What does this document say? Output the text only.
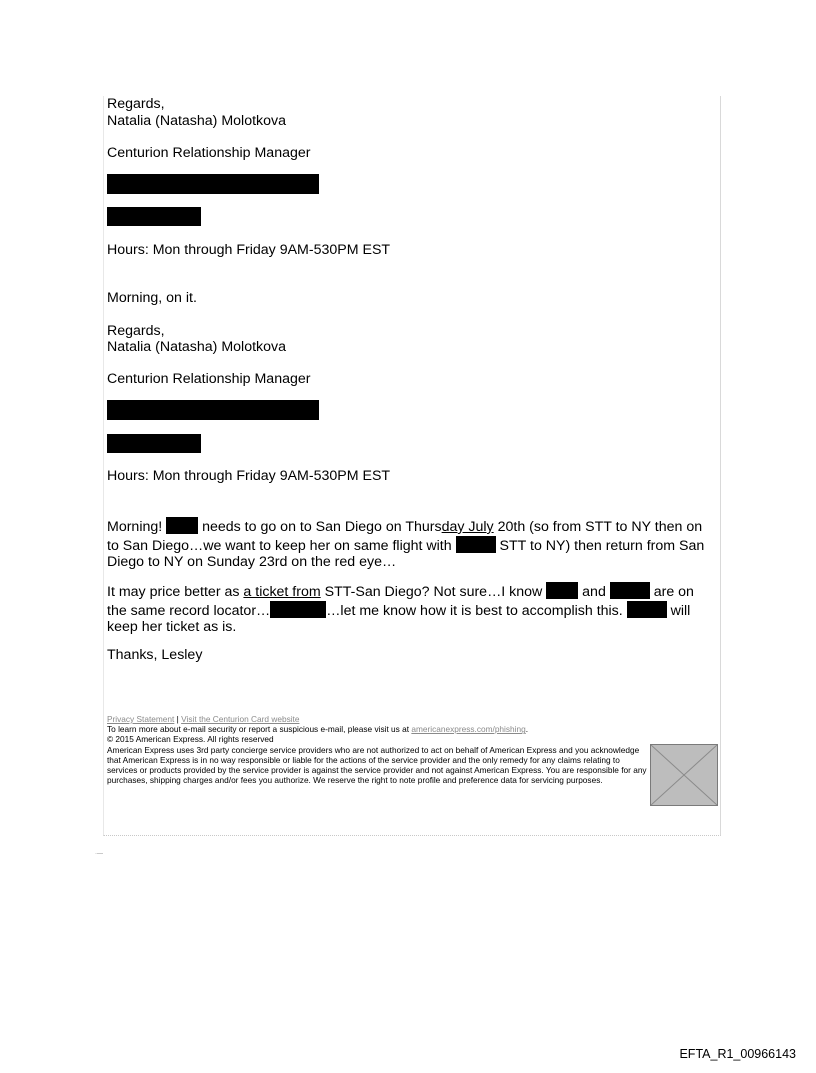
Regards,
Natalia (Natasha) Molotkova
Centurion Relationship Manager
Hours: Mon through Friday 9AM-530PM EST
Morning, on it.
Regards,
Natalia (Natasha) Molotkova
Centurion Relationship Manager
Hours: Mon through Friday 9AM-530PM EST
Morning!  needs to go on to San Diego on Thursday July 20th (so from STT to NY then on to San Diego…we want to keep her on same flight with	STT to NY) then return from San Diego to NY on Sunday 23rd on the red eye…
It may price better as a ticket from STT-San Diego? Not sure…I know  and	are on the same record locator…	…let me know how it is best to accomplish this.	will keep her ticket as is.
Thanks, Lesley
Privacy Statement | Visit the Centurion Card website
To learn more about e-mail security or report a suspicious e-mail, please visit us at americanexpress.com/phishing.
© 2015 American Express. All rights reserved
American Express uses 3rd party concierge service providers who are not authorized to act on behalf of American Express and you acknowledge that American Express is in no way responsible or liable for the actions of the service provider and the only remedy for any claims relating to services or products provided by the service provider is against the service provider and not against American Express. You are responsible for any purchases, shipping charges and/or fees you authorize. We reserve the right to note profile and preference data for servicing purposes.
·—
EFTA_R1_00966143
